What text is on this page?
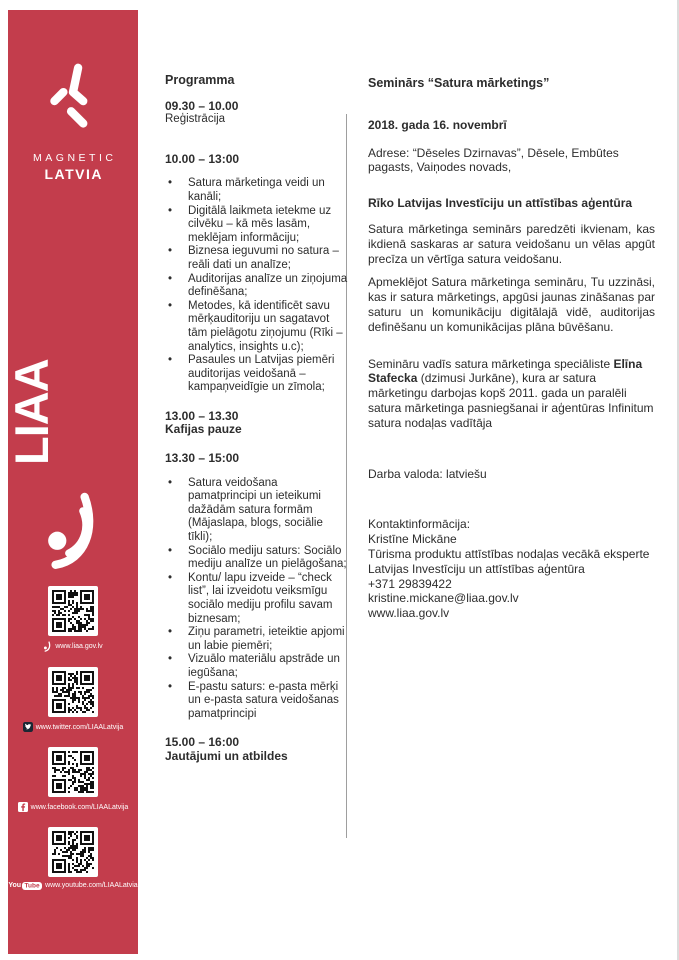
MAGNETIC
LATVIA
LIAA
www.liaa.gov.lv
www.twitter.com/LIAALatvija
www.facebook.com/LIAALatvija
You Tube www.youtube.com/LIAALatvia
Programma
09.30 – 10.00
Reģistrācija
10.00 – 13:00
• Satura mārketinga veidi un kanāli;
• Digitālā laikmeta ietekme uz cilvēku – kā mēs lasām, meklējam informāciju;
• Biznesa ieguvumi no satura – reāli dati un analīze;
• Auditorijas analīze un ziņojuma definēšana;
• Metodes, kā identificēt savu mērķauditoriju un sagatavot tām pielāgotu ziņojumu (Rīki – analytics, insights u.c);
• Pasaules un Latvijas piemēri auditorijas veidošanā – kampaņveidīgie un zīmola;
13.00 – 13.30
Kafijas pauze
13.30 – 15:00
• Satura veidošana pamatprincipi un ieteikumi dažādām satura formām (Mājaslapa, blogs, sociālie tīkli);
• Sociālo mediju saturs: Sociālo mediju analīze un pielāgošana;
• Kontu/ lapu izveide – “check list”, lai izveidotu veiksmīgu sociālo mediju profilu savam biznesam;
• Ziņu parametri, ieteiktie apjomi un labie piemēri;
• Vizuālo materiālu apstrāde un iegūšana;
• E-pastu saturs: e-pasta mērķi un e-pasta satura veidošanas pamatprincipi
15.00 – 16:00
Jautājumi un atbildes
Seminārs “Satura mārketings”
2018. gada 16. novembrī

Adrese: “Dēseles Dzirnavas”, Dēsele, Embūtes pagasts, Vaiņodes novads,

Rīko Latvijas Investīciju un attīstības aģentūra

Satura mārketinga seminārs paredzēti ikvienam, kas ikdienā saskaras ar satura veidošanu un vēlas apgūt precīza un vērtīga satura veidošanu.

Apmeklējot Satura mārketinga semināru, Tu uzzināsi, kas ir satura mārketings, apgūsi jaunas zināšanas par saturu un komunikāciju digitālajā vidē, auditorijas definēšanu un komunikācijas plāna būvēšanu.

Semināru vadīs satura mārketinga speciāliste Elīna Stafecka (dzimusi Jurkāne), kura ar satura mārketingu darbojas kopš 2011. gada un paralēli satura mārketinga pasniegšanai ir aģentūras Infinitum satura nodaļas vadītāja

Darba valoda: latviešu

Kontaktinformācija:
Kristīne Mickāne
Tūrisma produktu attīstības nodaļas vecākā eksperte
Latvijas Investīciju un attīstības aģentūra
+371 29839422
kristine.mickane@liaa.gov.lv
www.liaa.gov.lv
